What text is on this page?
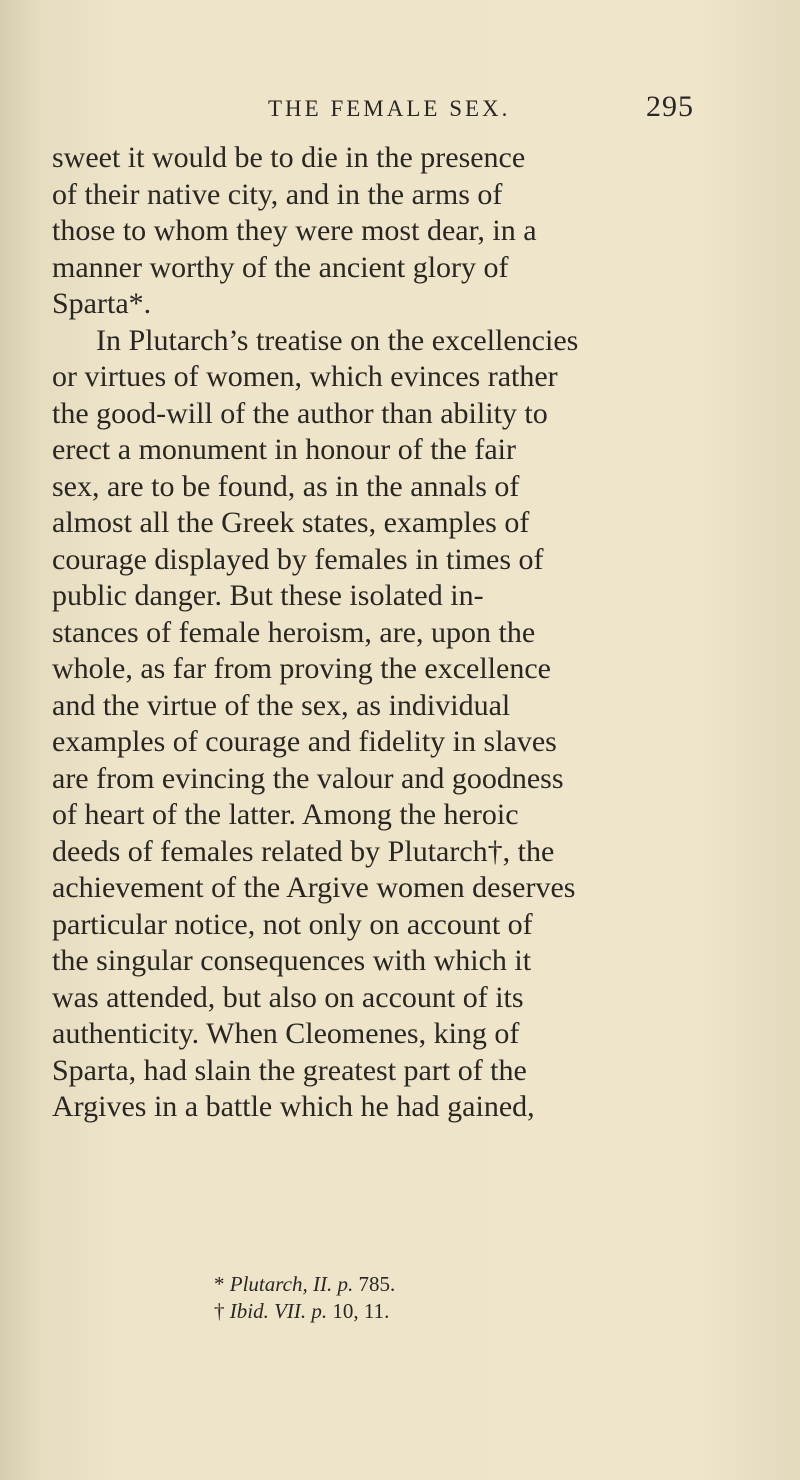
THE FEMALE SEX.	295
sweet it would be to die in the presence
of their native city, and in the arms of
those to whom they were most dear, in a
manner worthy of the ancient glory of
Sparta*.
In Plutarch’s treatise on the excellencies
or virtues of women, which evinces rather
the good-will of the author than ability to
erect a monument in honour of the fair
sex, are to be found, as in the annals of
almost all the Greek states, examples of
courage displayed by females in times of
public danger. But these isolated in-
stances of female heroism, are, upon the
whole, as far from proving the excellence
and the virtue of the sex, as individual
examples of courage and fidelity in slaves
are from evincing the valour and goodness
of heart of the latter. Among the heroic
deeds of females related by Plutarch†, the
achievement of the Argive women deserves
particular notice, not only on account of
the singular consequences with which it
was attended, but also on account of its
authenticity. When Cleomenes, king of
Sparta, had slain the greatest part of the
Argives in a battle which he had gained,
* Plutarch, II. p. 785.
† Ibid. VII. p. 10, 11.
